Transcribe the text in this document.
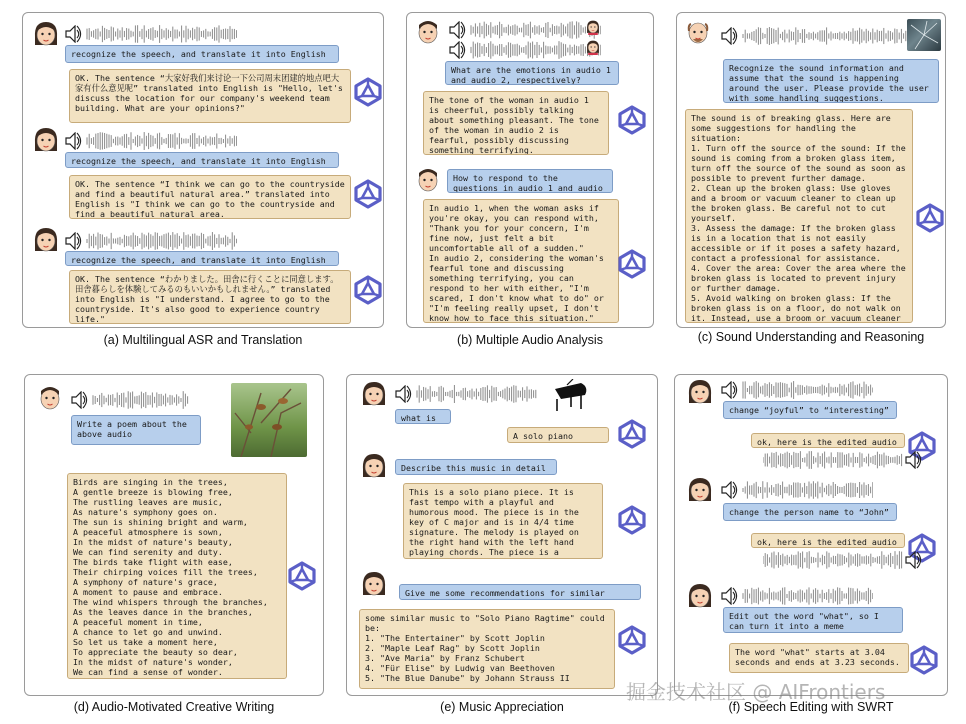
recognize the speech, and translate it into English
OK. The sentence “大家好我们来讨论一下公司周末团建的地点吧大家有什么意见呢” translated into English is "Hello, let's discuss the location for our company's weekend team building. What are your opinions?"
recognize the speech, and translate it into English
OK. The sentence “I think we can go to the countryside and find a beautiful natural area.” translated into English is "I think we can go to the countryside and find a beautiful natural area.
recognize the speech, and translate it into English
OK. The sentence “わかりました。田舎に行くことに同意します。田舎暮らしを体験してみるのもいいかもしれません。” translated into English is "I understand. I agree to go to the countryside. It's also good to experience country life."
(a) Multilingual ASR and Translation
What are the emotions in audio 1 and audio 2, respectively?
The tone of the woman in audio 1 is cheerful, possibly talking about something pleasant. The tone of the woman in audio 2 is fearful, possibly discussing something terrifying.
How to respond to the questions in audio 1 and audio
In audio 1, when the woman asks if you're okay, you can respond with, "Thank you for your concern, I'm fine now, just felt a bit uncomfortable all of a sudden."
In audio 2, considering the woman's fearful tone and discussing something terrifying, you can respond to her with either, "I'm scared, I don't know what to do" or "I'm feeling really upset, I don't know how to face this situation."
(b) Multiple Audio Analysis
Recognize the sound information and assume that the sound is happening around the user. Please provide the user with some handling suggestions.
The sound is of breaking glass. Here are some suggestions for handling the situation:
1. Turn off the source of the sound: If the sound is coming from a broken glass item, turn off the source of the sound as soon as possible to prevent further damage.
2. Clean up the broken glass: Use gloves and a broom or vacuum cleaner to clean up the broken glass. Be careful not to cut yourself.
3. Assess the damage: If the broken glass is in a location that is not easily accessible or if it poses a safety hazard, contact a professional for assistance.
4. Cover the area: Cover the area where the broken glass is located to prevent injury or further damage.
5. Avoid walking on broken glass: If the broken glass is on a floor, do not walk on it. Instead, use a broom or vacuum cleaner
(c) Sound Understanding and Reasoning
Write a poem about the above audio
Birds are singing in the trees,
A gentle breeze is blowing free,
The rustling leaves are music,
As nature's symphony goes on.
The sun is shining bright and warm,
A peaceful atmosphere is sown,
In the midst of nature's beauty,
We can find serenity and duty.
The birds take flight with ease,
Their chirping voices fill the trees,
A symphony of nature's grace,
A moment to pause and embrace.
The wind whispers through the branches,
As the leaves dance in the branches,
A peaceful moment in time,
A chance to let go and unwind.
So let us take a moment here,
To appreciate the beauty so dear,
In the midst of nature's wonder,
We can find a sense of wonder.
(d) Audio-Motivated Creative Writing
what is
A solo piano
Describe this music in detail
This is a solo piano piece. It is fast tempo with a playful and humorous mood. The piece is in the key of C major and is in 4/4 time signature. The melody is played on the right hand with the left hand playing chords. The piece is a
Give me some recommendations for similar
some similar music to "Solo Piano Ragtime" could be:
1. "The Entertainer" by Scott Joplin
2. "Maple Leaf Rag" by Scott Joplin
3. "Ave Maria" by Franz Schubert
4. "Für Elise" by Ludwig van Beethoven
5. "The Blue Danube" by Johann Strauss II
(e) Music Appreciation
change “joyful” to “interesting”
ok, here is the edited audio
change the person name to “John”
ok, here is the edited audio
Edit out the word "what", so I can turn it into a meme
The word "what" starts at 3.04 seconds and ends at 3.23 seconds.
(f) Speech Editing with SWRT
掘金技术社区 @ AIFrontiers
